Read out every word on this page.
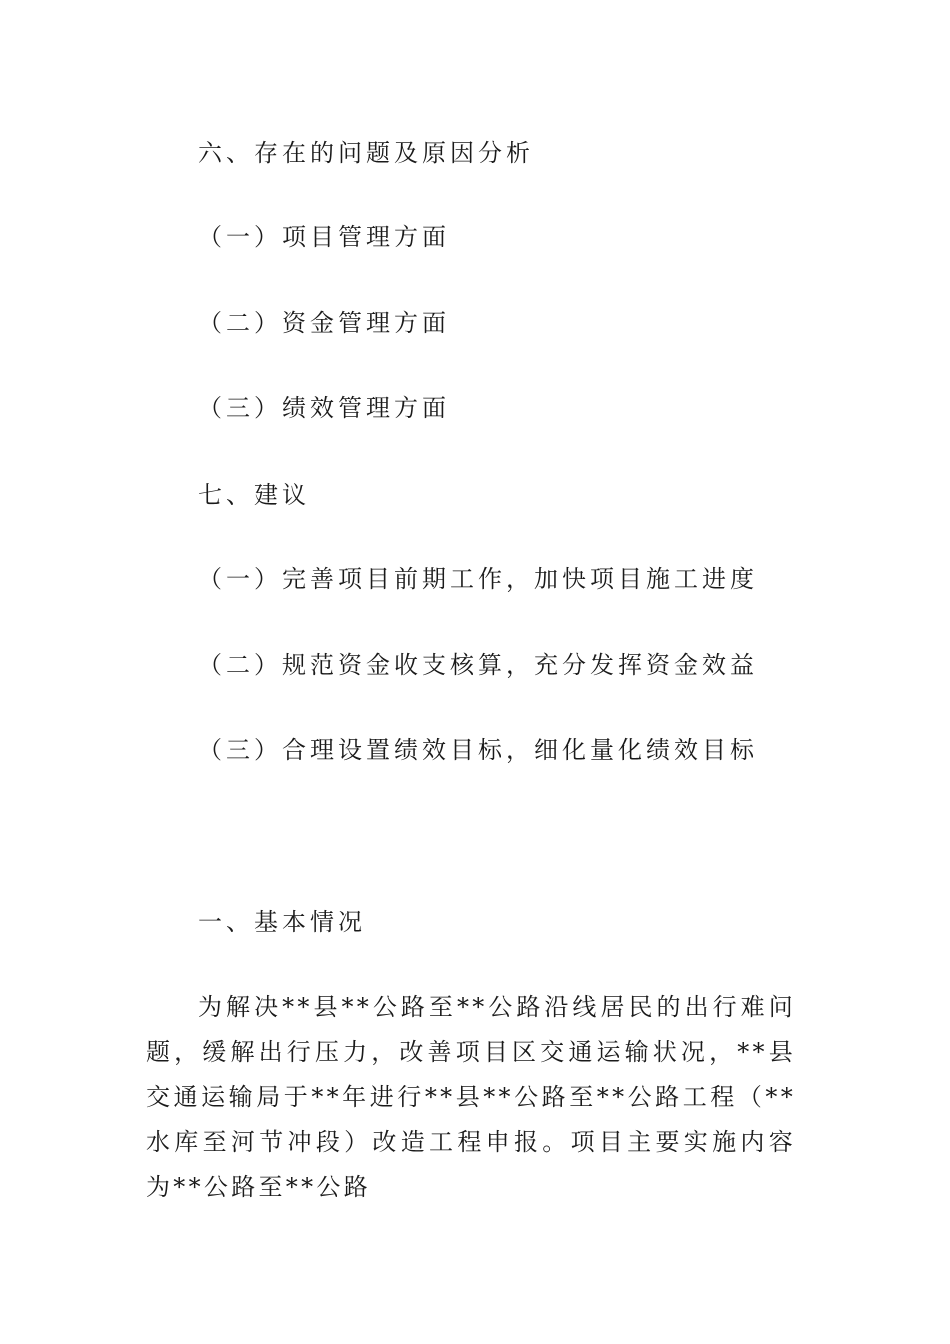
六、存在的问题及原因分析
（一）项目管理方面
（二）资金管理方面
（三）绩效管理方面
七、建议
（一）完善项目前期工作，加快项目施工进度
（二）规范资金收支核算，充分发挥资金效益
（三）合理设置绩效目标，细化量化绩效目标
一、基本情况

为解决**县**公路至**公路沿线居民的出行难问题，缓解出行压力，改善项目区交通运输状况，**县交通运输局于**年进行**县**公路至**公路工程（**水库至河节冲段）改造工程申报。项目主要实施内容为**公路至**公路
